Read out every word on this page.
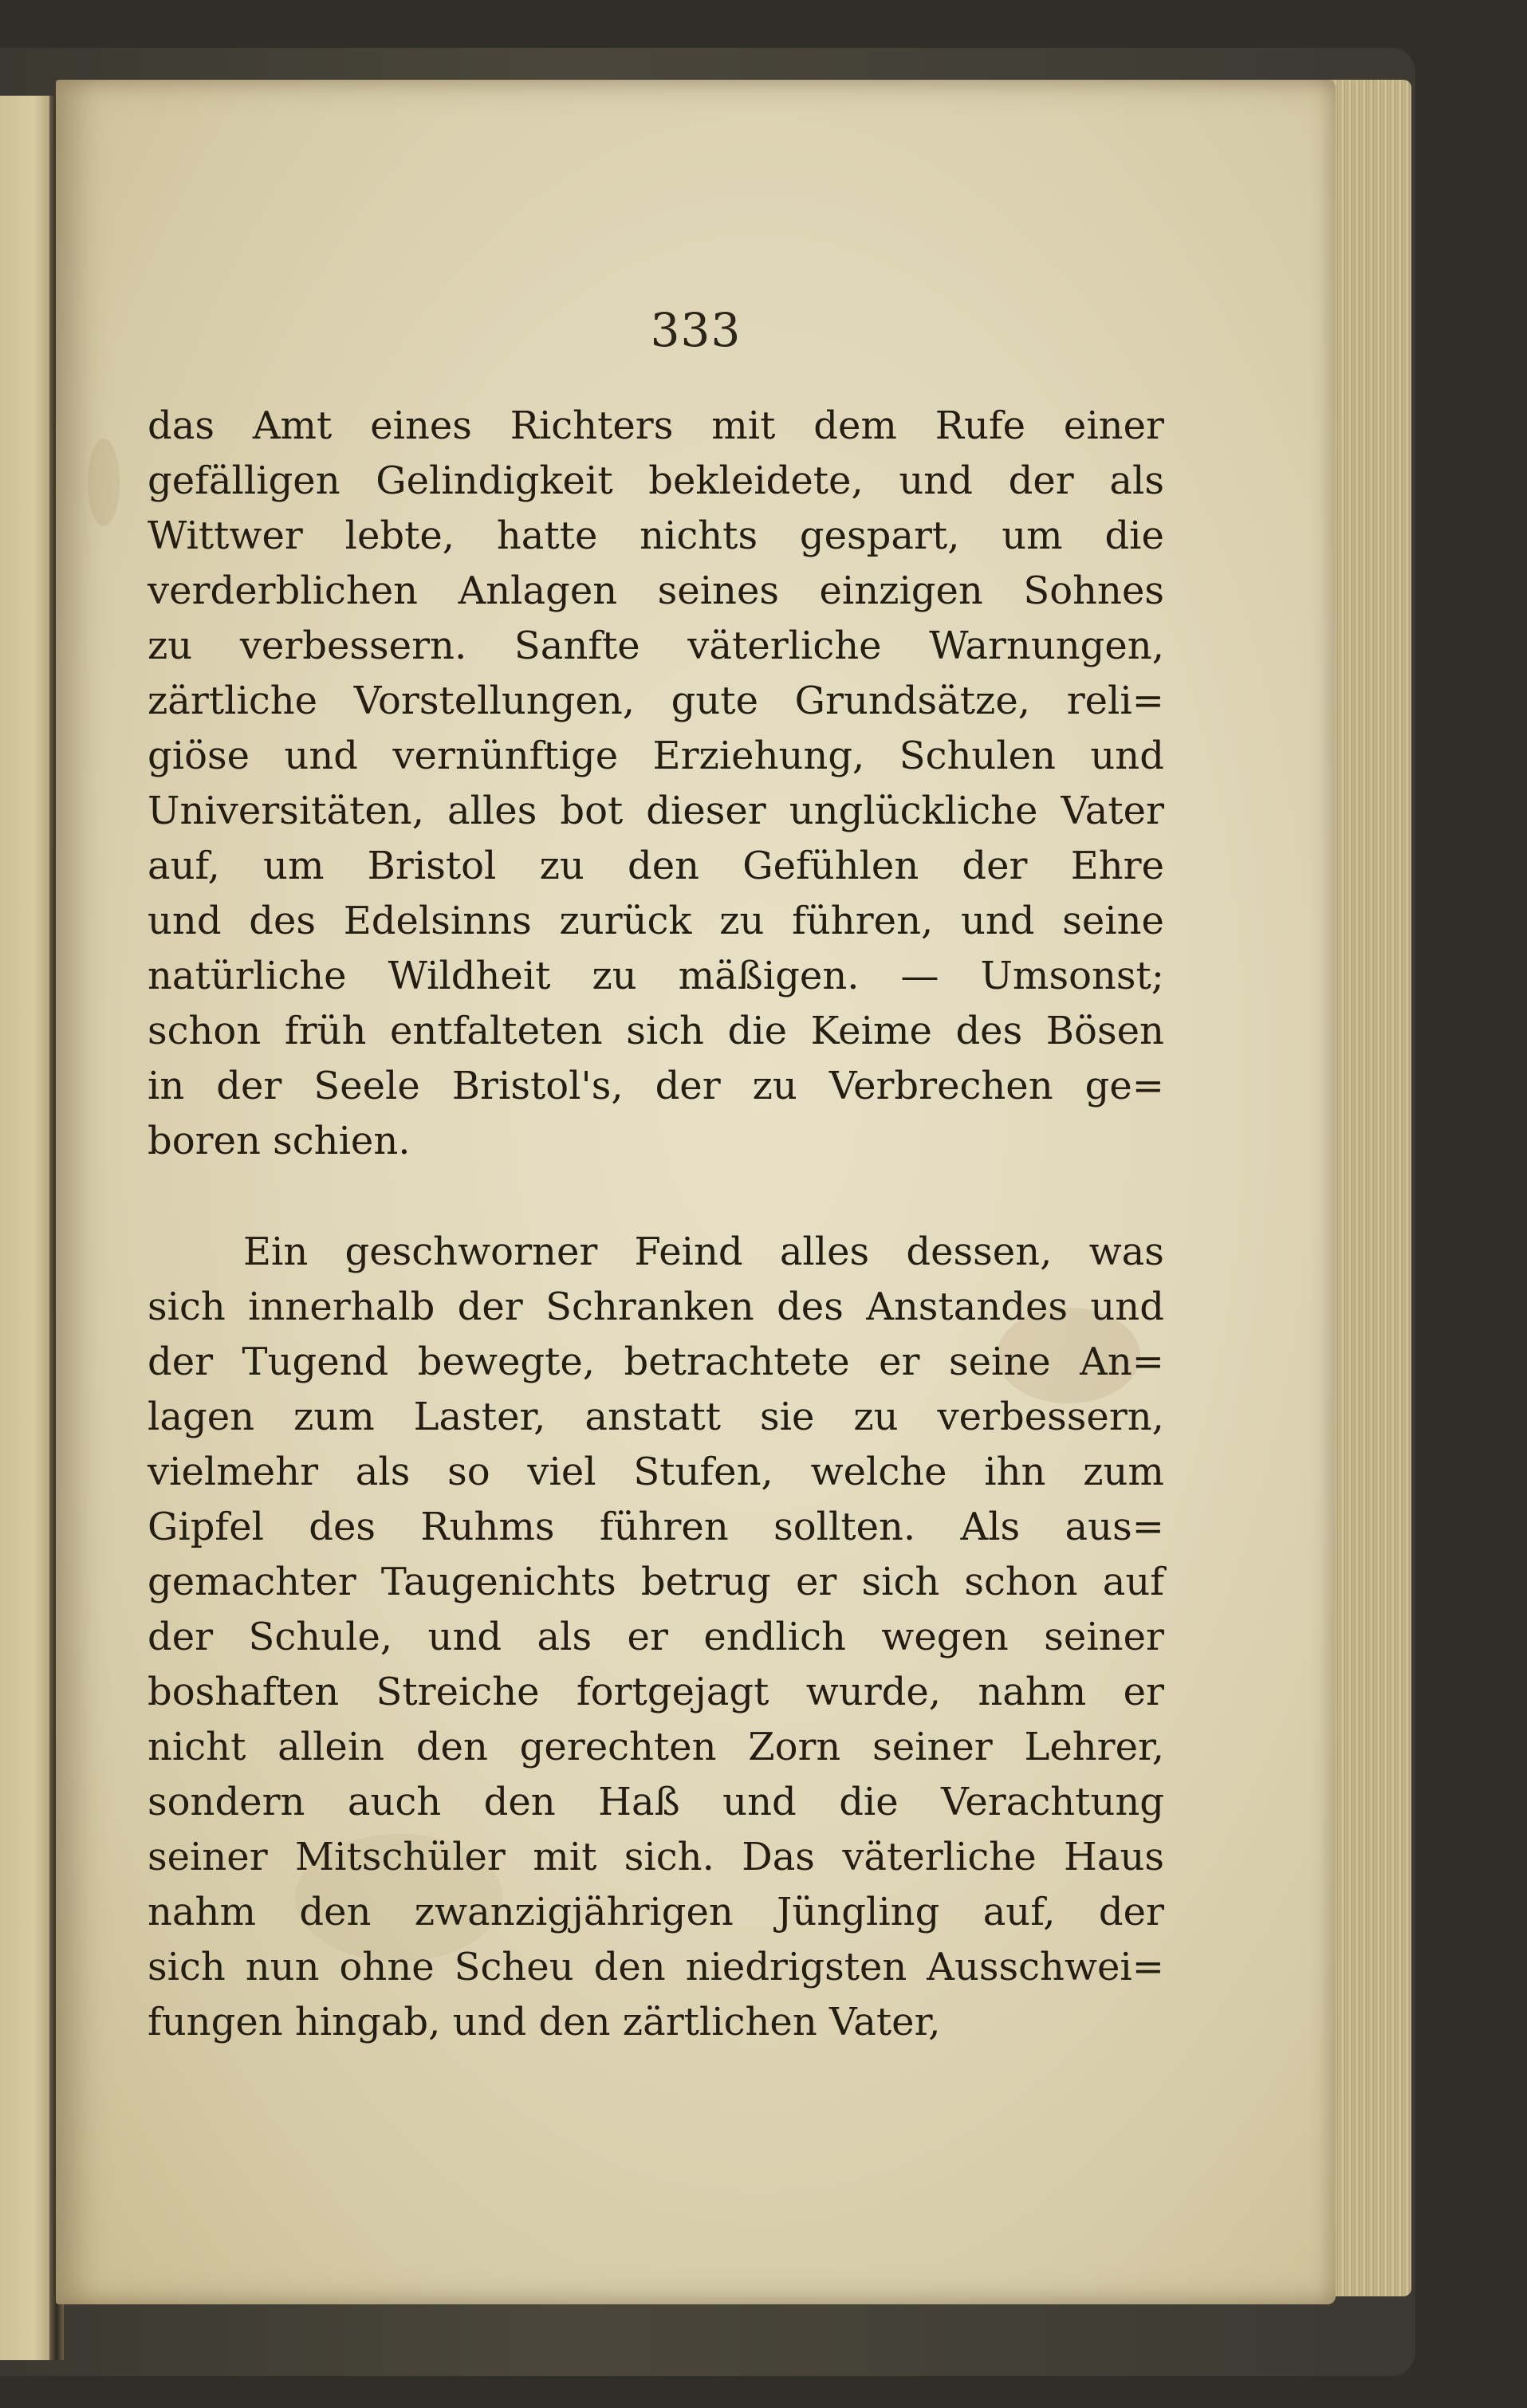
333
das Amt eines Richters mit dem Rufe einer
gefälligen Gelindigkeit bekleidete, und der als
Wittwer lebte, hatte nichts gespart, um die
verderblichen Anlagen seines einzigen Sohnes
zu verbessern. Sanfte väterliche Warnungen,
zärtliche Vorstellungen, gute Grundsätze, reli=
giöse und vernünftige Erziehung, Schulen und
Universitäten, alles bot dieser unglückliche Vater
auf, um Bristol zu den Gefühlen der Ehre
und des Edelsinns zurück zu führen, und seine
natürliche Wildheit zu mäßigen. — Umsonst;
schon früh entfalteten sich die Keime des Bösen
in der Seele Bristol's, der zu Verbrechen ge=
boren schien.
Ein geschworner Feind alles dessen, was
sich innerhalb der Schranken des Anstandes und
der Tugend bewegte, betrachtete er seine An=
lagen zum Laster, anstatt sie zu verbessern,
vielmehr als so viel Stufen, welche ihn zum
Gipfel des Ruhms führen sollten. Als aus=
gemachter Taugenichts betrug er sich schon auf
der Schule, und als er endlich wegen seiner
boshaften Streiche fortgejagt wurde, nahm er
nicht allein den gerechten Zorn seiner Lehrer,
sondern auch den Haß und die Verachtung
seiner Mitschüler mit sich. Das väterliche Haus
nahm den zwanzigjährigen Jüngling auf, der
sich nun ohne Scheu den niedrigsten Ausschwei=
fungen hingab, und den zärtlichen Vater,
